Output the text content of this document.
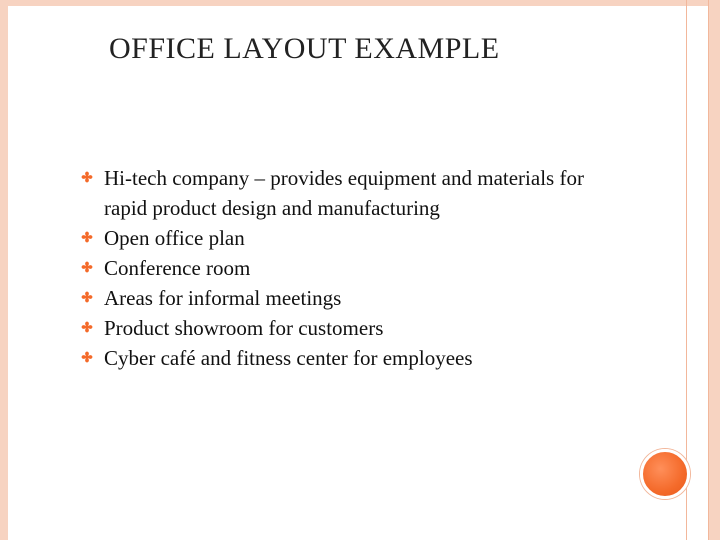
OFFICE LAYOUT EXAMPLE
Hi-tech company – provides equipment and materials for rapid product design and manufacturing
Open office plan
Conference room
Areas for informal meetings
Product showroom for customers
Cyber café and fitness center for employees
